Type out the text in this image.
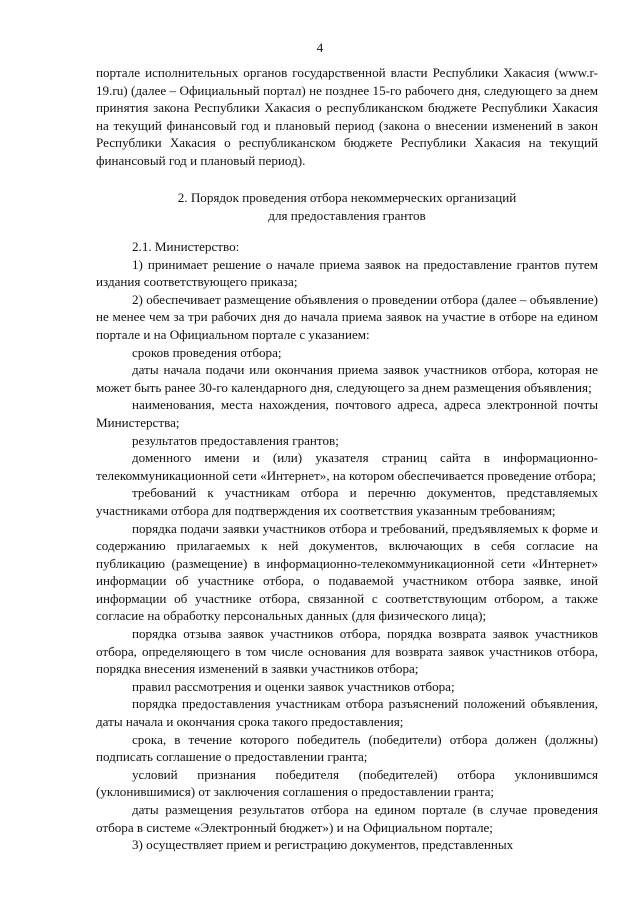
4

портале исполнительных органов государственной власти Республики Хакасия (www.r-19.ru) (далее – Официальный портал) не позднее 15-го рабочего дня, следующего за днем принятия закона Республики Хакасия о республиканском бюджете Республики Хакасия на текущий финансовый год и плановый период (закона о внесении изменений в закон Республики Хакасия о республиканском бюджете Республики Хакасия на текущий финансовый год и плановый период).

2. Порядок проведения отбора некоммерческих организаций
для предоставления грантов

2.1. Министерство:

1) принимает решение о начале приема заявок на предоставление грантов путем издания соответствующего приказа;

2) обеспечивает размещение объявления о проведении отбора (далее – объявление) не менее чем за три рабочих дня до начала приема заявок на участие в отборе на едином портале и на Официальном портале с указанием:

сроков проведения отбора;

даты начала подачи или окончания приема заявок участников отбора, которая не может быть ранее 30-го календарного дня, следующего за днем размещения объявления;

наименования, места нахождения, почтового адреса, адреса электронной почты Министерства;

результатов предоставления грантов;

доменного имени и (или) указателя страниц сайта в информационно-телекоммуникационной сети «Интернет», на котором обеспечивается проведение отбора;

требований к участникам отбора и перечню документов, представляемых участниками отбора для подтверждения их соответствия указанным требованиям;

порядка подачи заявки участников отбора и требований, предъявляемых к форме и содержанию прилагаемых к ней документов, включающих в себя согласие на публикацию (размещение) в информационно-телекоммуникационной сети «Интернет» информации об участнике отбора, о подаваемой участником отбора заявке, иной информации об участнике отбора, связанной с соответствующим отбором, а также согласие на обработку персональных данных (для физического лица);

порядка отзыва заявок участников отбора, порядка возврата заявок участников отбора, определяющего в том числе основания для возврата заявок участников отбора, порядка внесения изменений в заявки участников отбора;

правил рассмотрения и оценки заявок участников отбора;

порядка предоставления участникам отбора разъяснений положений объявления, даты начала и окончания срока такого предоставления;

срока, в течение которого победитель (победители) отбора должен (должны) подписать соглашение о предоставлении гранта;

условий признания победителя (победителей) отбора уклонившимся (уклонившимися) от заключения соглашения о предоставлении гранта;

даты размещения результатов отбора на едином портале (в случае проведения отбора в системе «Электронный бюджет») и на Официальном портале;

3) осуществляет прием и регистрацию документов, представленных
